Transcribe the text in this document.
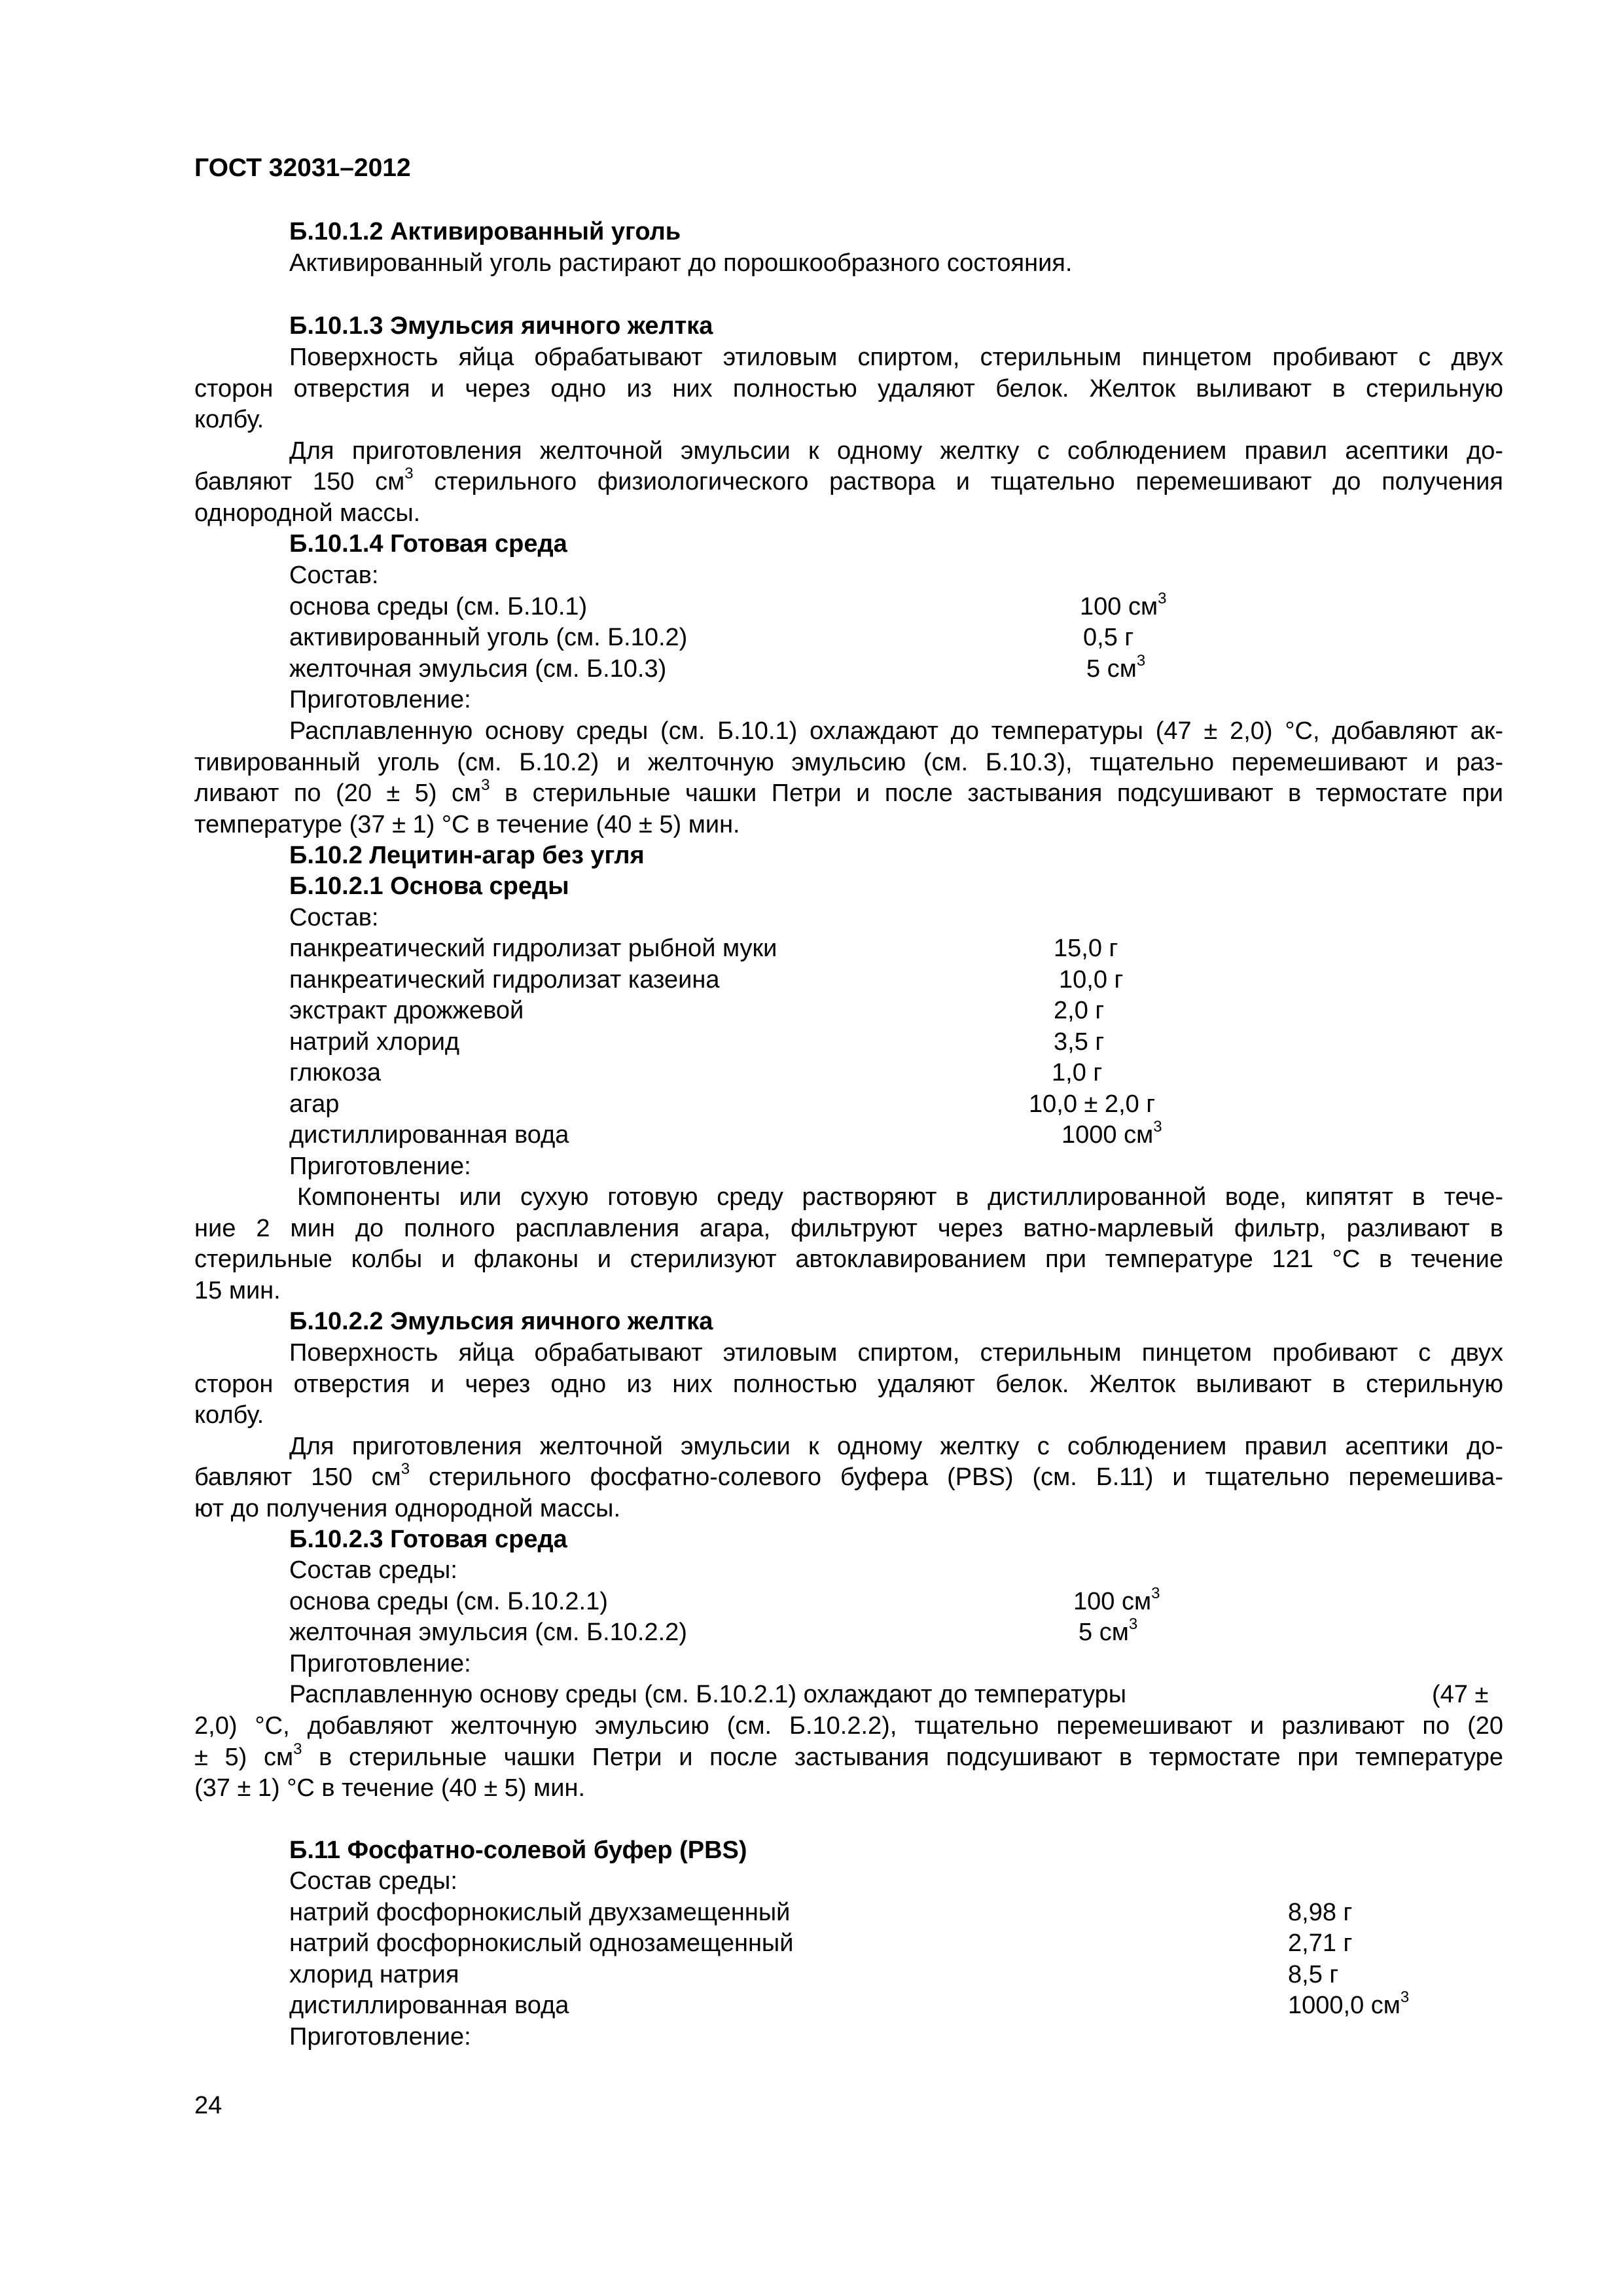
ГОСТ 32031–2012
Б.10.1.2 Активированный уголь
Активированный уголь растирают до порошкообразного состояния.
Б.10.1.3 Эмульсия яичного желтка
Поверхность яйца обрабатывают этиловым спиртом, стерильным пинцетом пробивают с двух
сторон отверстия и через одно из них полностью удаляют белок. Желток выливают в стерильную
колбу.
Для приготовления желточной эмульсии к одному желтку с соблюдением правил асептики до-
бавляют 150 $см^3$ стерильного физиологического раствора и тщательно перемешивают до получения
однородной массы.
Б.10.1.4 Готовая среда
Состав:
основа среды (см. Б.10.1)	100 $см^3$
активированный уголь (см. Б.10.2)	0,5 г
желточная эмульсия (см. Б.10.3)	5 $см^3$
Приготовление:
Расплавленную основу среды (см. Б.10.1) охлаждают до температуры (47 ± 2,0) °С, добавляют ак-
тивированный уголь (см. Б.10.2) и желточную эмульсию (см. Б.10.3), тщательно перемешивают и раз-
ливают по (20 ± 5) $см^3$ в стерильные чашки Петри и после застывания подсушивают в термостате при
температуре (37 ± 1) °С в течение (40 ± 5) мин.
Б.10.2 Лецитин-агар без угля
Б.10.2.1 Основа среды
Состав:
панкреатический гидролизат рыбной муки	15,0 г
панкреатический гидролизат казеина	10,0 г
экстракт дрожжевой	2,0 г
натрий хлорид	3,5 г
глюкоза	1,0 г
агар	10,0 ± 2,0 г
дистиллированная вода	1000 $см^3$
Приготовление:
Компоненты или сухую готовую среду растворяют в дистиллированной воде, кипятят в тече-
ние 2 мин до полного расплавления агара, фильтруют через ватно-марлевый фильтр, разливают в
стерильные колбы и флаконы и стерилизуют автоклавированием при температуре 121 °С в течение
15 мин.
Б.10.2.2 Эмульсия яичного желтка
Поверхность яйца обрабатывают этиловым спиртом, стерильным пинцетом пробивают с двух
сторон отверстия и через одно из них полностью удаляют белок. Желток выливают в стерильную
колбу.
Для приготовления желточной эмульсии к одному желтку с соблюдением правил асептики до-
бавляют 150 $см^3$ стерильного фосфатно-солевого буфера (PBS) (см. Б.11) и тщательно перемешива-
ют до получения однородной массы.
Б.10.2.3 Готовая среда
Состав среды:
основа среды (см. Б.10.2.1)	100 $см^3$
желточная эмульсия (см. Б.10.2.2)	5 $см^3$
Приготовление:
Расплавленную основу среды (см. Б.10.2.1) охлаждают до температуры	(47 ±
2,0) °С, добавляют желточную эмульсию (см. Б.10.2.2), тщательно перемешивают и разливают по (20
± 5) $см^3$ в стерильные чашки Петри и после застывания подсушивают в термостате при температуре
(37 ± 1) °С в течение (40 ± 5) мин.
Б.11 Фосфатно-солевой буфер (PBS)
Состав среды:
натрий фосфорнокислый двухзамещенный	8,98 г
натрий фосфорнокислый однозамещенный	2,71 г
хлорид натрия	8,5 г
дистиллированная вода	1000,0 $см^3$
Приготовление:
24
